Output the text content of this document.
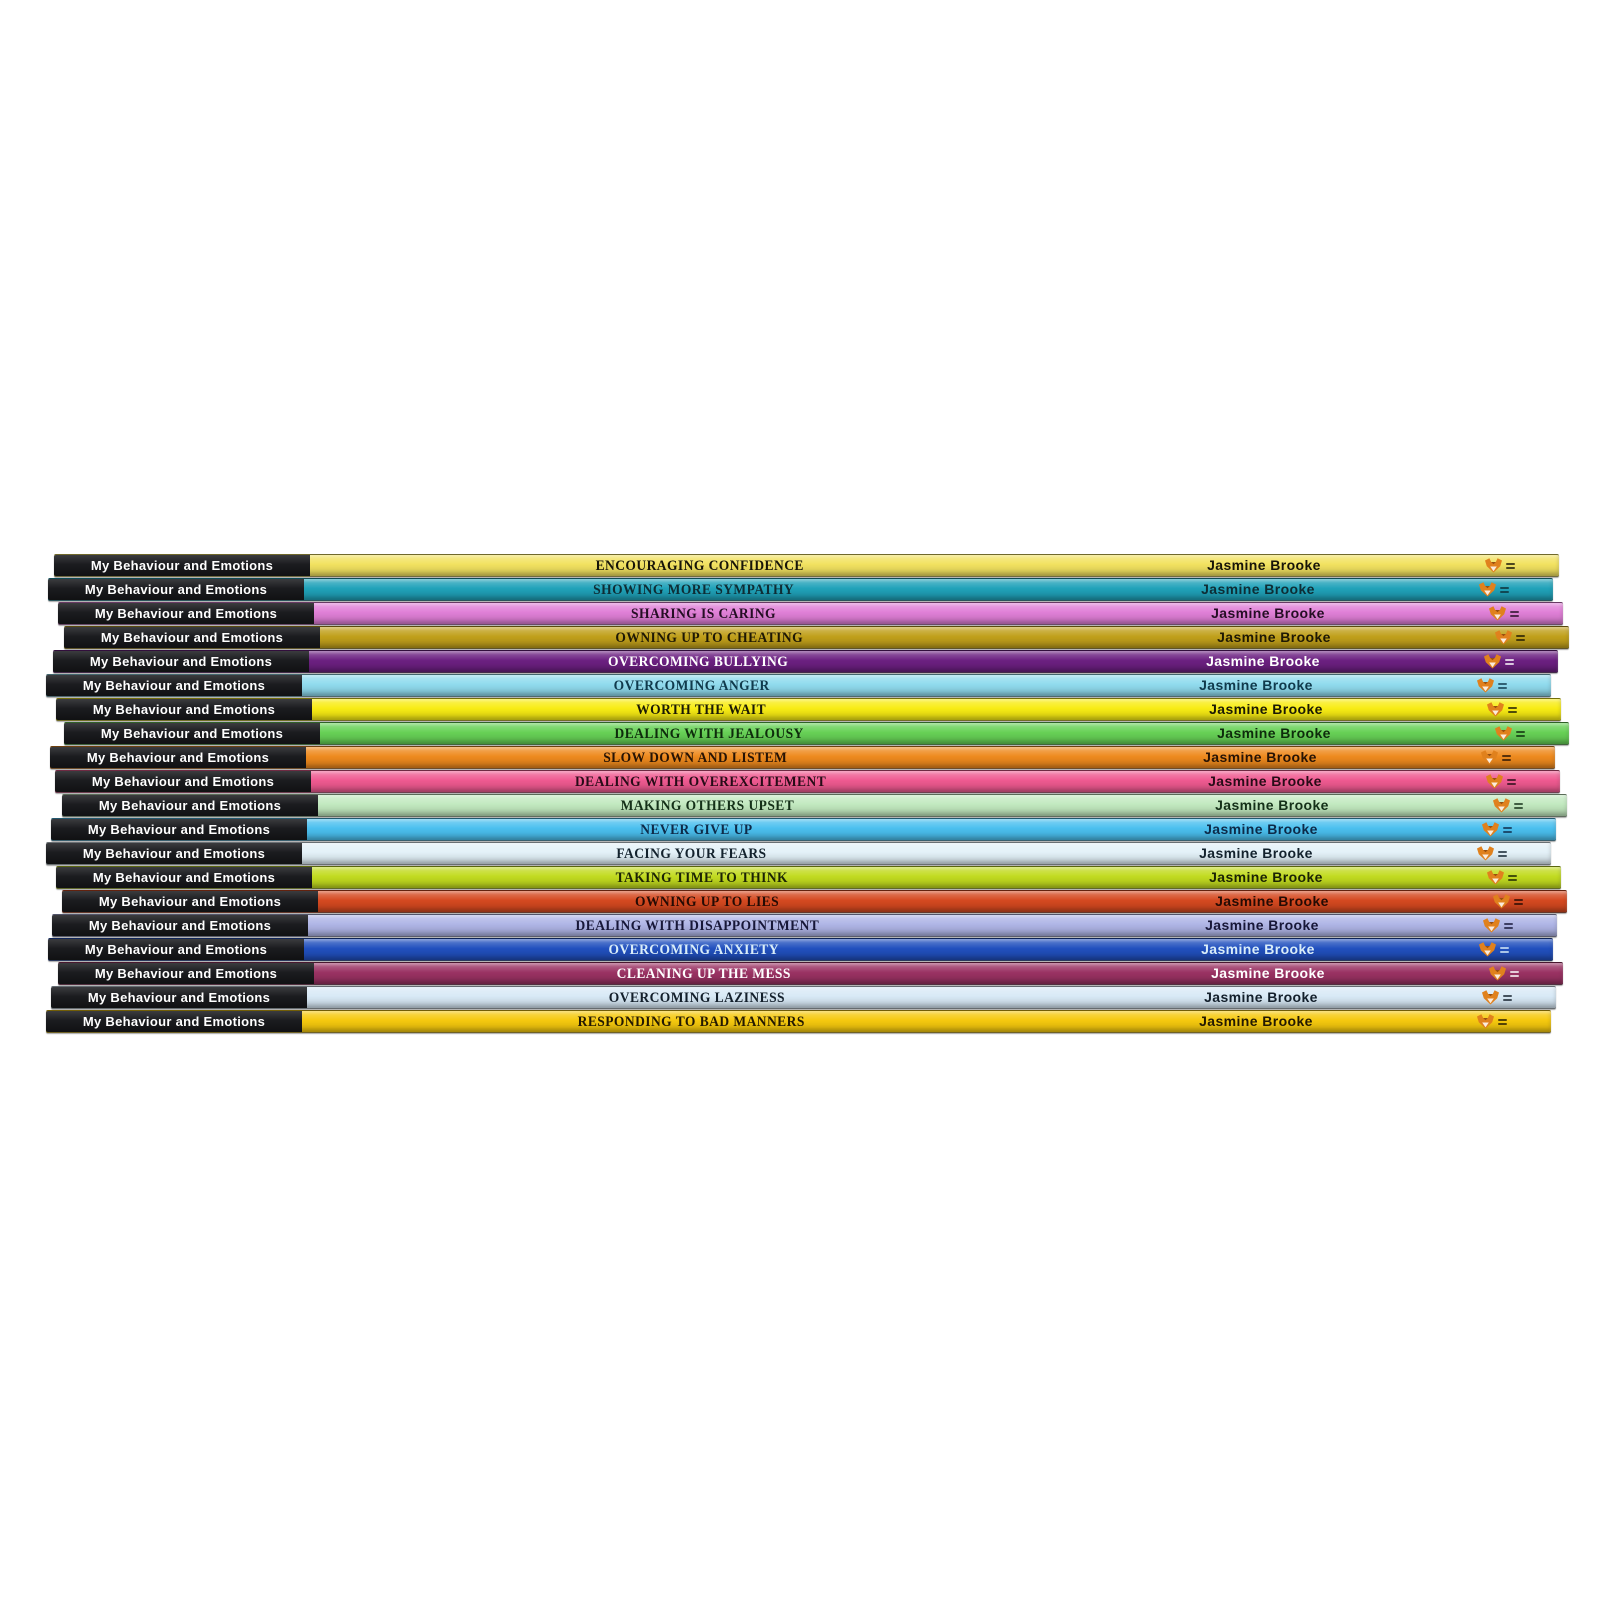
My Behaviour and Emotions	ENCOURAGING CONFIDENCE	Jasmine Brooke
My Behaviour and Emotions	SHOWING MORE SYMPATHY	Jasmine Brooke
My Behaviour and Emotions	SHARING IS CARING	Jasmine Brooke
My Behaviour and Emotions	OWNING UP TO CHEATING	Jasmine Brooke
My Behaviour and Emotions	OVERCOMING BULLYING	Jasmine Brooke
My Behaviour and Emotions	OVERCOMING ANGER	Jasmine Brooke
My Behaviour and Emotions	WORTH THE WAIT	Jasmine Brooke
My Behaviour and Emotions	DEALING WITH JEALOUSY	Jasmine Brooke
My Behaviour and Emotions	SLOW DOWN AND LISTEM	Jasmine Brooke
My Behaviour and Emotions	DEALING WITH OVEREXCITEMENT	Jasmine Brooke
My Behaviour and Emotions	MAKING OTHERS UPSET	Jasmine Brooke
My Behaviour and Emotions	NEVER GIVE UP	Jasmine Brooke
My Behaviour and Emotions	FACING YOUR FEARS	Jasmine Brooke
My Behaviour and Emotions	TAKING TIME TO THINK	Jasmine Brooke
My Behaviour and Emotions	OWNING UP TO LIES	Jasmine Brooke
My Behaviour and Emotions	DEALING WITH DISAPPOINTMENT	Jasmine Brooke
My Behaviour and Emotions	OVERCOMING ANXIETY	Jasmine Brooke
My Behaviour and Emotions	CLEANING UP THE MESS	Jasmine Brooke
My Behaviour and Emotions	OVERCOMING LAZINESS	Jasmine Brooke
My Behaviour and Emotions	RESPONDING TO BAD MANNERS	Jasmine Brooke
